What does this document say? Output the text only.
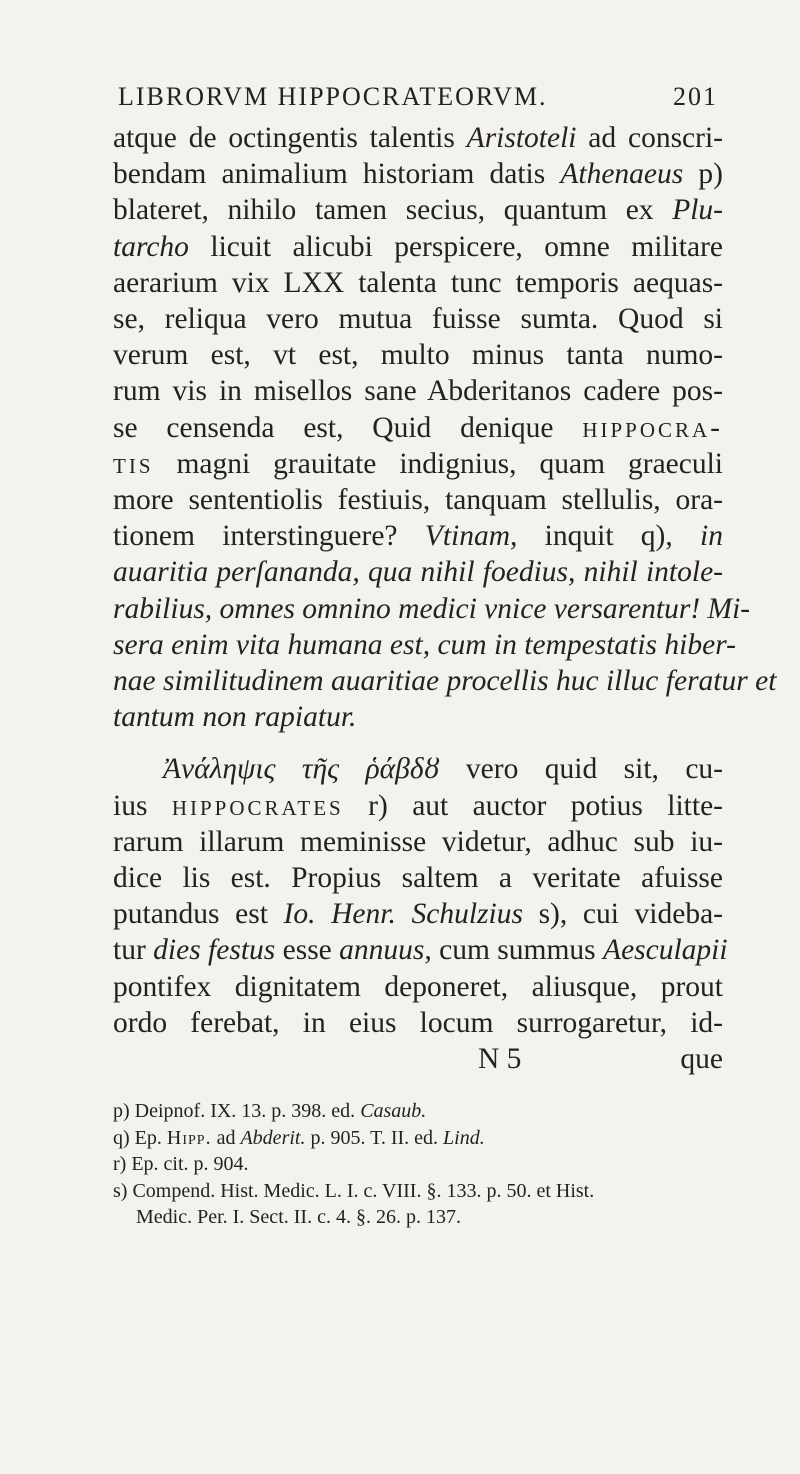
LIBRORVM HIPPOCRATEORVM.	201
atque de octingentis talentis Aristoteli ad conscri-
bendam animalium historiam datis Athenaeus p)
blateret, nihilo tamen secius, quantum ex Plu-
tarcho licuit alicubi perspicere, omne militare
aerarium vix LXX talenta tunc temporis aequas-
se, reliqua vero mutua fuisse sumta. Quod si
verum est, vt est, multo minus tanta numo-
rum vis in misellos sane Abderitanos cadere pos-
se censenda est, Quid denique hippocra-
tis magni grauitate indignius, quam graeculi
more sententiolis festiuis, tanquam stellulis, ora-
tionem interstinguere? Vtinam, inquit q), in
auaritia perſananda, qua nihil foedius, nihil intole-
rabilius, omnes omnino medici vnice versarentur! Mi-
sera enim vita humana est, cum in tempestatis hiber-
nae similitudinem auaritiae procellis huc illuc feratur et
tantum non rapiatur.
Ἀνάληψις τῆς ῥάβδȣ vero quid sit, cu-
ius hippocrates r) aut auctor potius litte-
rarum illarum meminisse videtur, adhuc sub iu-
dice lis est. Propius saltem a veritate afuisse
putandus est Io. Henr. Schulzius s), cui videba-
tur dies festus esse annuus, cum summus Aesculapii
pontifex dignitatem deponeret, aliusque, prout
ordo ferebat, in eius locum surrogaretur, id-
N 5	que
p) Deipnof. IX. 13. p. 398. ed. Casaub.
q) Ep. Hipp. ad Abderit. p. 905. T. II. ed. Lind.
r) Ep. cit. p. 904.
s) Compend. Hist. Medic. L. I. c. VIII. §. 133. p. 50. et Hist.
Medic. Per. I. Sect. II. c. 4. §. 26. p. 137.
